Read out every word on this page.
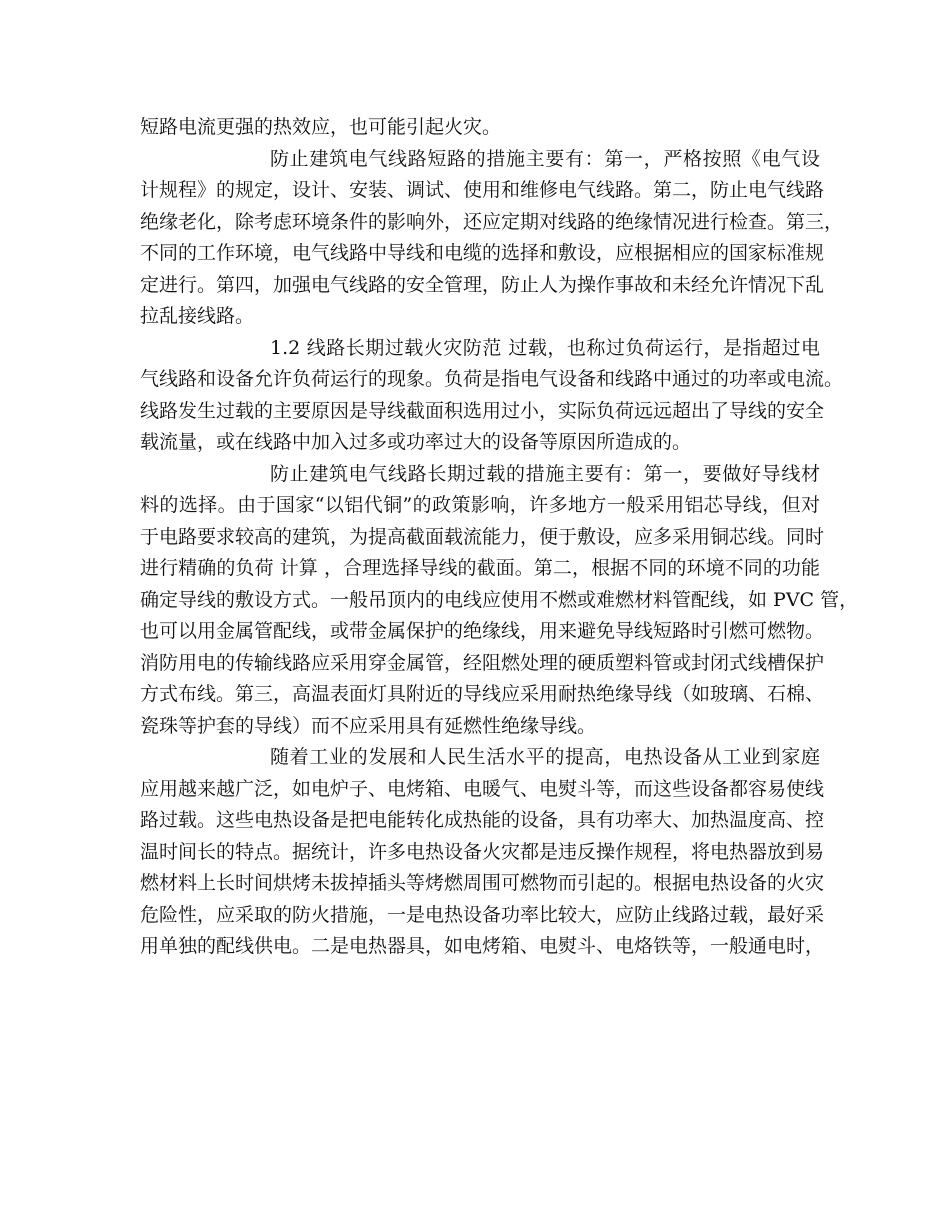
短路电流更强的热效应，也可能引起火灾。
防止建筑电气线路短路的措施主要有：第一，严格按照《电气设
计规程》的规定，设计、安装、调试、使用和维修电气线路。第二，防止电气线路
绝缘老化，除考虑环境条件的影响外，还应定期对线路的绝缘情况进行检查。第三，
不同的工作环境，电气线路中导线和电缆的选择和敷设，应根据相应的国家标准规
定进行。第四，加强电气线路的安全管理，防止人为操作事故和未经允许情况下乱
拉乱接线路。
1.2 线路长期过载火灾防范 过载，也称过负荷运行，是指超过电
气线路和设备允许负荷运行的现象。负荷是指电气设备和线路中通过的功率或电流。
线路发生过载的主要原因是导线截面积选用过小，实际负荷远远超出了导线的安全
载流量，或在线路中加入过多或功率过大的设备等原因所造成的。
防止建筑电气线路长期过载的措施主要有：第一，要做好导线材
料的选择。由于国家“以铝代铜”的政策影响，许多地方一般采用铝芯导线，但对
于电路要求较高的建筑，为提高截面载流能力，便于敷设，应多采用铜芯线。同时
进行精确的负荷 计算 ，合理选择导线的截面。第二，根据不同的环境不同的功能
确定导线的敷设方式。一般吊顶内的电线应使用不燃或难燃材料管配线，如 PVC 管，
也可以用金属管配线，或带金属保护的绝缘线，用来避免导线短路时引燃可燃物。
消防用电的传输线路应采用穿金属管，经阻燃处理的硬质塑料管或封闭式线槽保护
方式布线。第三，高温表面灯具附近的导线应采用耐热绝缘导线（如玻璃、石棉、
瓷珠等护套的导线）而不应采用具有延燃性绝缘导线。
随着工业的发展和人民生活水平的提高，电热设备从工业到家庭
应用越来越广泛，如电炉子、电烤箱、电暖气、电熨斗等，而这些设备都容易使线
路过载。这些电热设备是把电能转化成热能的设备，具有功率大、加热温度高、控
温时间长的特点。据统计，许多电热设备火灾都是违反操作规程，将电热器放到易
燃材料上长时间烘烤未拔掉插头等烤燃周围可燃物而引起的。根据电热设备的火灾
危险性，应采取的防火措施，一是电热设备功率比较大，应防止线路过载，最好采
用单独的配线供电。二是电热器具，如电烤箱、电熨斗、电烙铁等，一般通电时，
